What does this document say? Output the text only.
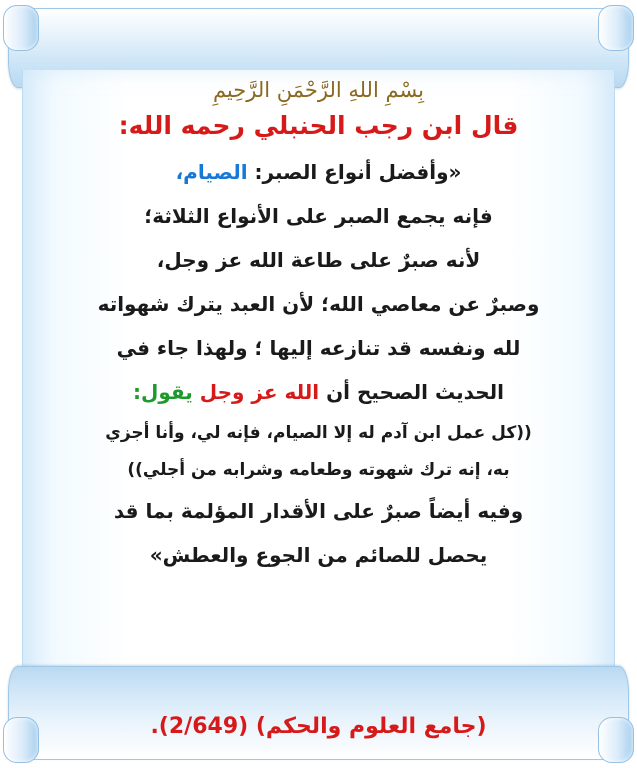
بِسْمِ اللهِ الرَّحْمَنِ الرَّحِيمِ
قال ابن رجب الحنبلي رحمه الله:

«وأفضل أنواع الصبر: الصيام،

فإنه يجمع الصبر على الأنواع الثلاثة؛

لأنه صبرٌ على طاعة الله عز وجل،

وصبرٌ عن معاصي الله؛ لأن العبد يترك شهواته

لله ونفسه قد تنازعه إليها ؛ ولهذا جاء في

الحديث الصحيح أن الله عز وجل يقول:

((كل عمل ابن آدم له إلا الصيام، فإنه لي، وأنا أجزي

به، إنه ترك شهوته وطعامه وشرابه من أجلي))

وفيه أيضاً صبرٌ على الأقدار المؤلمة بما قد

يحصل للصائم من الجوع والعطش»

(جامع العلوم والحكم) (2/649).
